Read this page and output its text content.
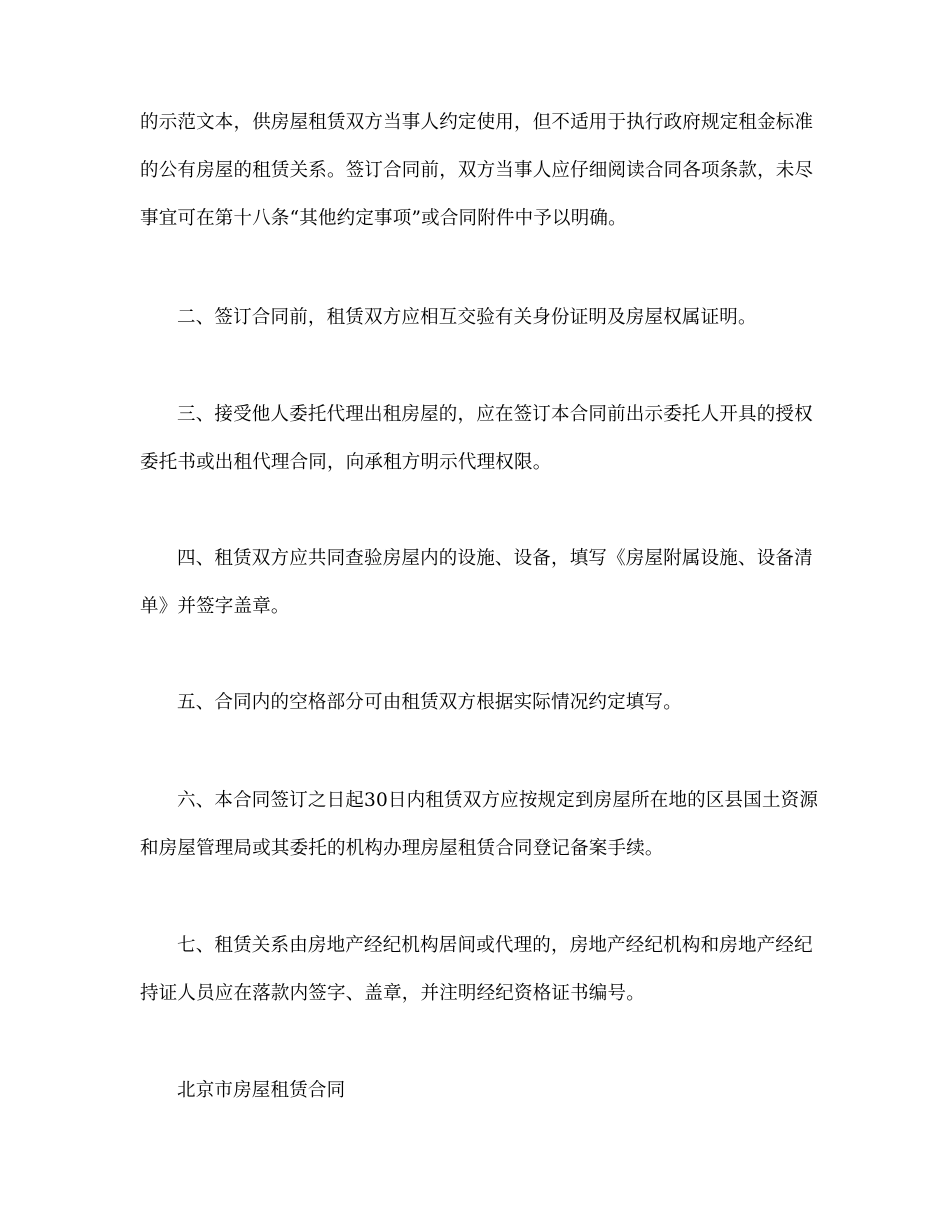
的示范文本，供房屋租赁双方当事人约定使用，但不适用于执行政府规定租金标准
的公有房屋的租赁关系。签订合同前，双方当事人应仔细阅读合同各项条款，未尽
事宜可在第十八条“其他约定事项”或合同附件中予以明确。
二、签订合同前，租赁双方应相互交验有关身份证明及房屋权属证明。
三、接受他人委托代理出租房屋的，应在签订本合同前出示委托人开具的授权
委托书或出租代理合同，向承租方明示代理权限。
四、租赁双方应共同查验房屋内的设施、设备，填写《房屋附属设施、设备清
单》并签字盖章。
五、合同内的空格部分可由租赁双方根据实际情况约定填写。
六、本合同签订之日起30日内租赁双方应按规定到房屋所在地的区县国土资源
和房屋管理局或其委托的机构办理房屋租赁合同登记备案手续。
七、租赁关系由房地产经纪机构居间或代理的，房地产经纪机构和房地产经纪
持证人员应在落款内签字、盖章，并注明经纪资格证书编号。
北京市房屋租赁合同
